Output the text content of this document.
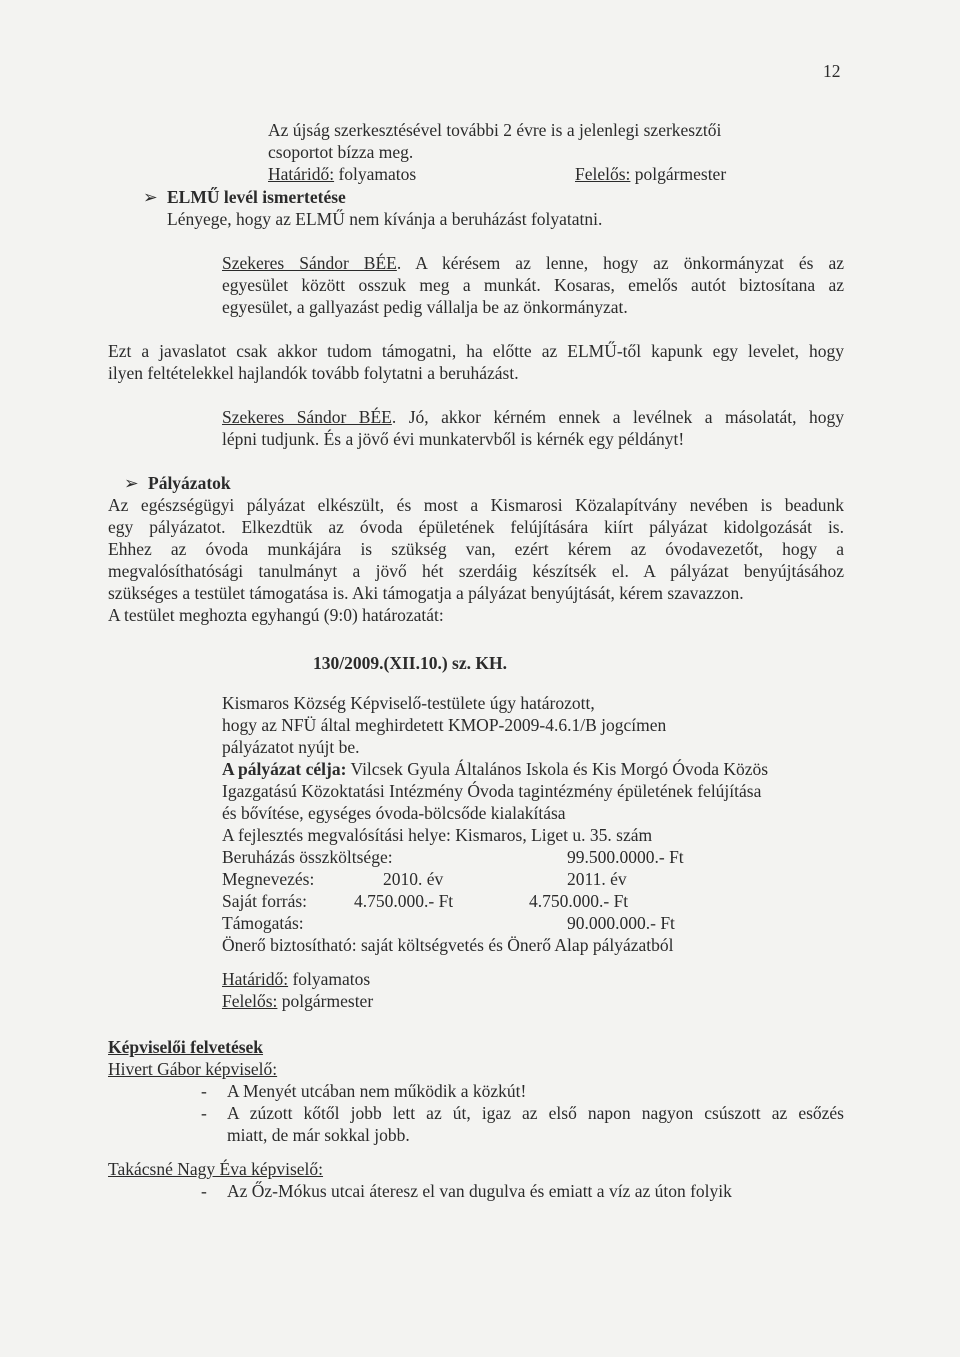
12
Az újság szerkesztésével további 2 évre is a jelenlegi szerkesztői
csoportot bízza meg.
Határidő: folyamatos	Felelős: polgármester
➢ ELMŰ levél ismertetése
Lényege, hogy az ELMŰ nem kívánja a beruházást folyatatni.
Szekeres Sándor BÉE. A kérésem az lenne, hogy az önkormányzat és az
egyesület között osszuk meg a munkát. Kosaras, emelős autót biztosítana az
egyesület, a gallyazást pedig vállalja be az önkormányzat.
Ezt a javaslatot csak akkor tudom támogatni, ha előtte az ELMŰ-től kapunk egy levelet, hogy
ilyen feltételekkel hajlandók tovább folytatni a beruházást.
Szekeres Sándor BÉE. Jó, akkor kérném ennek a levélnek a másolatát, hogy
lépni tudjunk. És a jövő évi munkatervből is kérnék egy példányt!
➢ Pályázatok
Az egészségügyi pályázat elkészült, és most a Kismarosi Közalapítvány nevében is beadunk
egy pályázatot. Elkezdtük az óvoda épületének felújítására kiírt pályázat kidolgozását is.
Ehhez az óvoda munkájára is szükség van, ezért kérem az óvodavezetőt, hogy a
megvalósíthatósági tanulmányt a jövő hét szerdáig készítsék el. A pályázat benyújtásához
szükséges a testület támogatása is. Aki támogatja a pályázat benyújtását, kérem szavazzon.
A testület meghozta egyhangú (9:0) határozatát:
130/2009.(XII.10.) sz. KH.
Kismaros Község Képviselő-testülete úgy határozott,
hogy az NFÜ által meghirdetett KMOP-2009-4.6.1/B jogcímen
pályázatot nyújt be.
A pályázat célja: Vilcsek Gyula Általános Iskola és Kis Morgó Óvoda Közös
Igazgatású Közoktatási Intézmény Óvoda tagintézmény épületének felújítása
és bővítése, egységes óvoda-bölcsőde kialakítása
A fejlesztés megvalósítási helye: Kismaros, Liget u. 35. szám
Beruházás összköltsége:	99.500.0000.- Ft
Megnevezés:	2010. év	2011. év
Saját forrás:	4.750.000.- Ft	4.750.000.- Ft
Támogatás:	90.000.000.- Ft
Önerő biztosítható: saját költségvetés és Önerő Alap pályázatból
Határidő: folyamatos
Felelős: polgármester
Képviselői felvetések
Hivert Gábor képviselő:
- A Menyét utcában nem működik a közkút!
-	A zúzott kőtől jobb lett az út, igaz az első napon nagyon csúszott az esőzés
miatt, de már sokkal jobb.
Takácsné Nagy Éva képviselő:
- Az Őz-Mókus utcai áteresz el van dugulva és emiatt a víz az úton folyik
